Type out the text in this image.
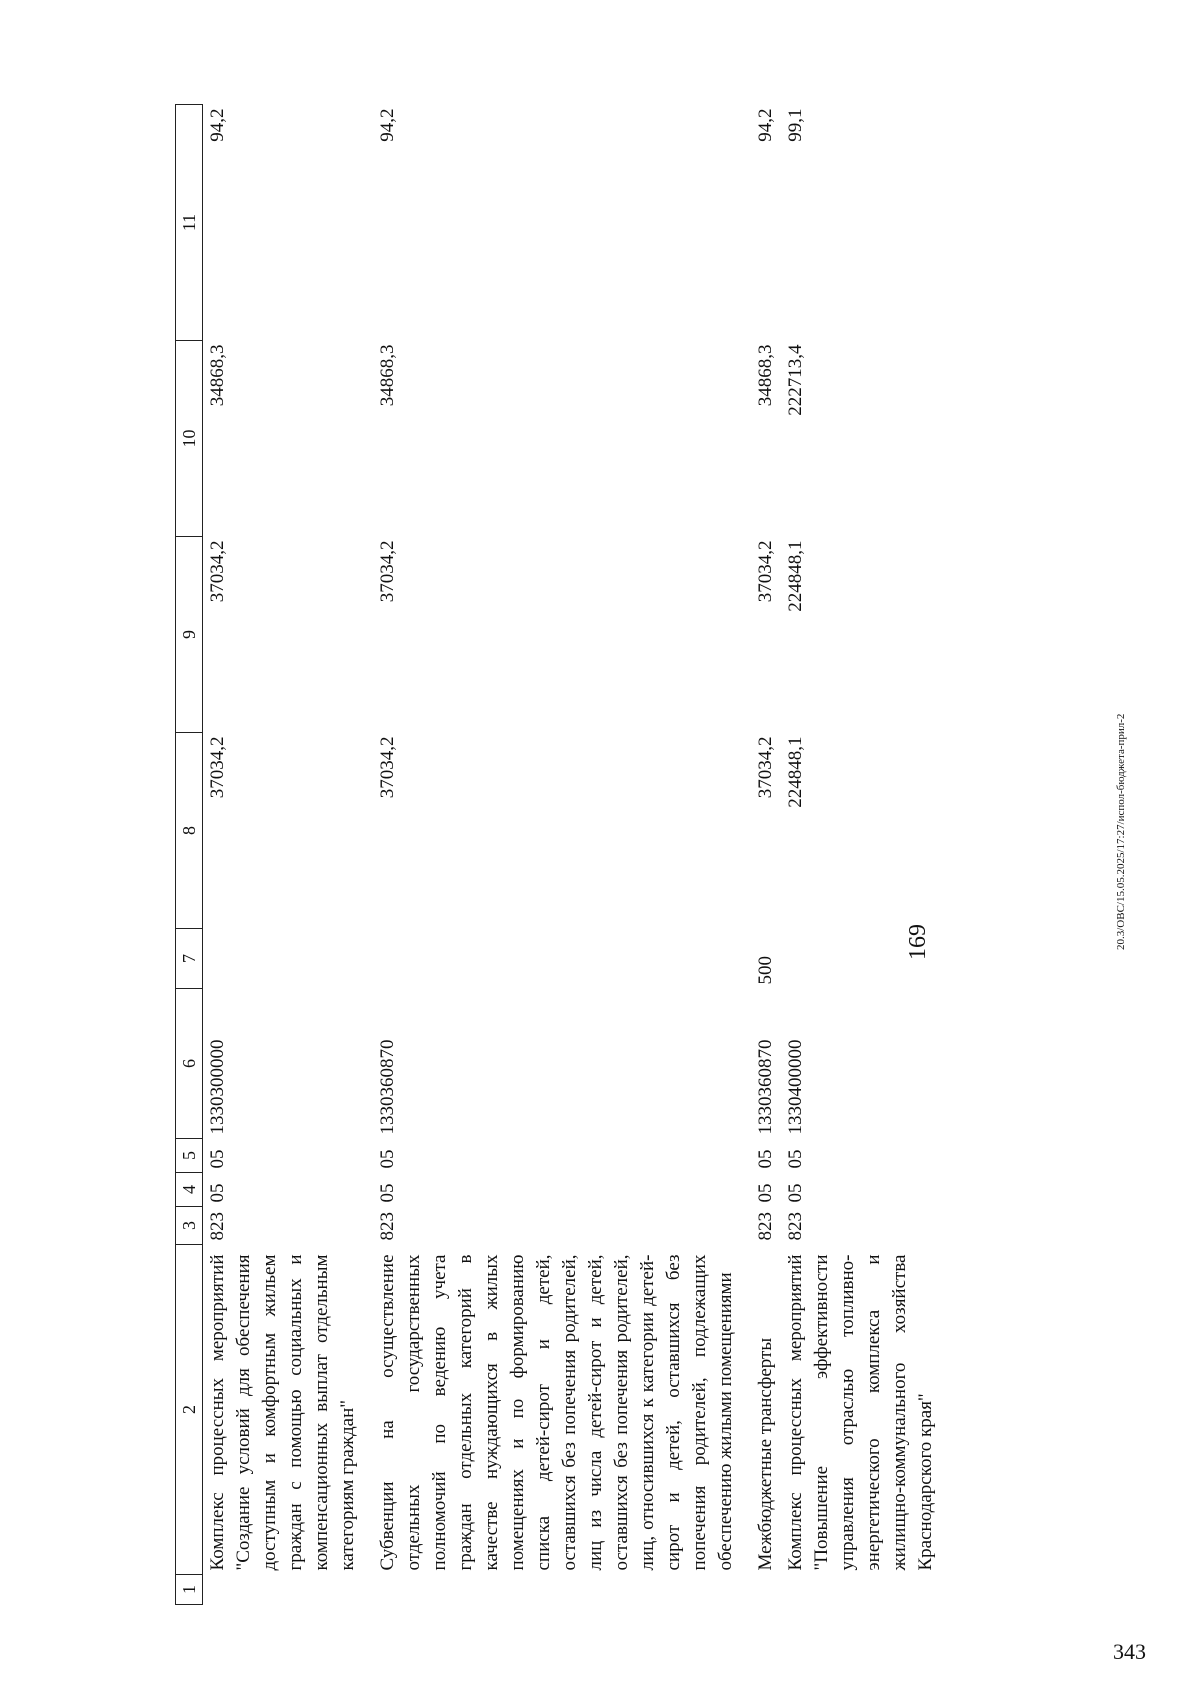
1	2	3	4	5	6	7	8	9	10	11
	Комплекс процессных мероприятий "Создание условий для обеспечения доступным и комфортным жильем граждан с помощью социальных и компенсационных выплат отдельным категориям граждан"	823	05	05	1330300000		37034,2	37034,2	34868,3	94,2
	Субвенции на осуществление отдельных государственных полномочий по ведению учета граждан отдельных категорий в качестве нуждающихся в жилых помещениях и по формированию списка детей-сирот и детей, оставшихся без попечения родителей, лиц из числа детей-сирот и детей, оставшихся без попечения родителей, лиц, относившихся к категории детей-сирот и детей, оставшихся без попечения родителей, подлежащих обеспечению жилыми помещениями	823	05	05	1330360870		37034,2	37034,2	34868,3	94,2
	Межбюджетные трансферты	823	05	05	1330360870	500	37034,2	37034,2	34868,3	94,2
	Комплекс процессных мероприятий "Повышение эффективности управления отраслью топливно-энергетического комплекса и жилищно-коммунального хозяйства Краснодарского края"	823	05	05	1330400000		224848,1	224848,1	222713,4	99,1
169	20.3/ОВС/15.05.2025/17:27/испол-бюджета-прил-2
343
